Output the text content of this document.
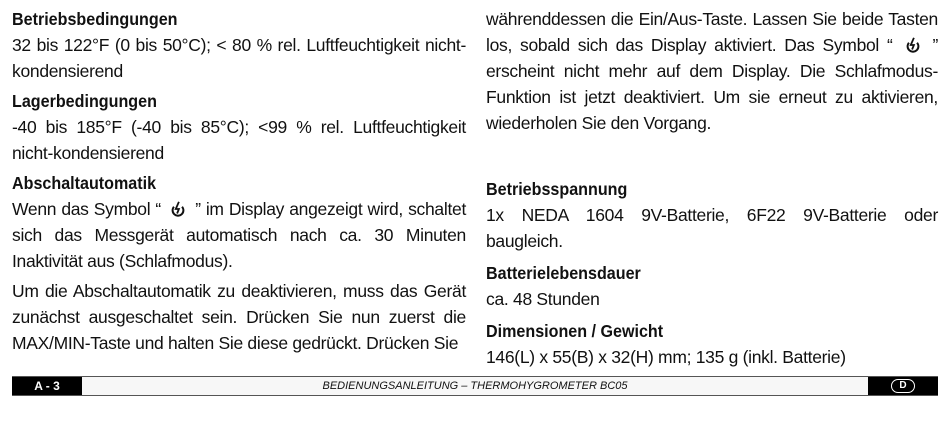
Betriebsbedingungen

32 bis 122°F (0 bis 50°C); < 80 % rel. Luftfeuchtigkeit nicht-kondensierend

Lagerbedingungen

-40 bis 185°F (-40 bis 85°C); <99 % rel. Luftfeuchtigkeit nicht-kondensierend

Abschaltautomatik

Wenn das Symbol “ ” im Display angezeigt wird, schaltet sich das Messgerät automatisch nach ca. 30 Minuten Inaktivität aus (Schlafmodus).

Um die Abschaltautomatik zu deaktivieren, muss das Gerät zunächst ausgeschaltet sein. Drücken Sie nun zuerst die MAX/MIN-Taste und halten Sie diese gedrückt. Drücken Sie

währenddessen die Ein/Aus-Taste. Lassen Sie beide Tasten los, sobald sich das Display aktiviert. Das Symbol “ ” erscheint nicht mehr auf dem Display. Die Schlafmodus-Funktion ist jetzt deaktiviert. Um sie erneut zu aktivieren, wiederholen Sie den Vorgang.

Betriebsspannung

1x NEDA 1604 9V-Batterie, 6F22 9V-Batterie oder baugleich.

Batterielebensdauer

ca. 48 Stunden

Dimensionen / Gewicht

146(L) x 55(B) x 32(H) mm; 135 g (inkl. Batterie)

A - 3	BEDIENUNGSANLEITUNG – THERMOHYGROMETER BC05	D
